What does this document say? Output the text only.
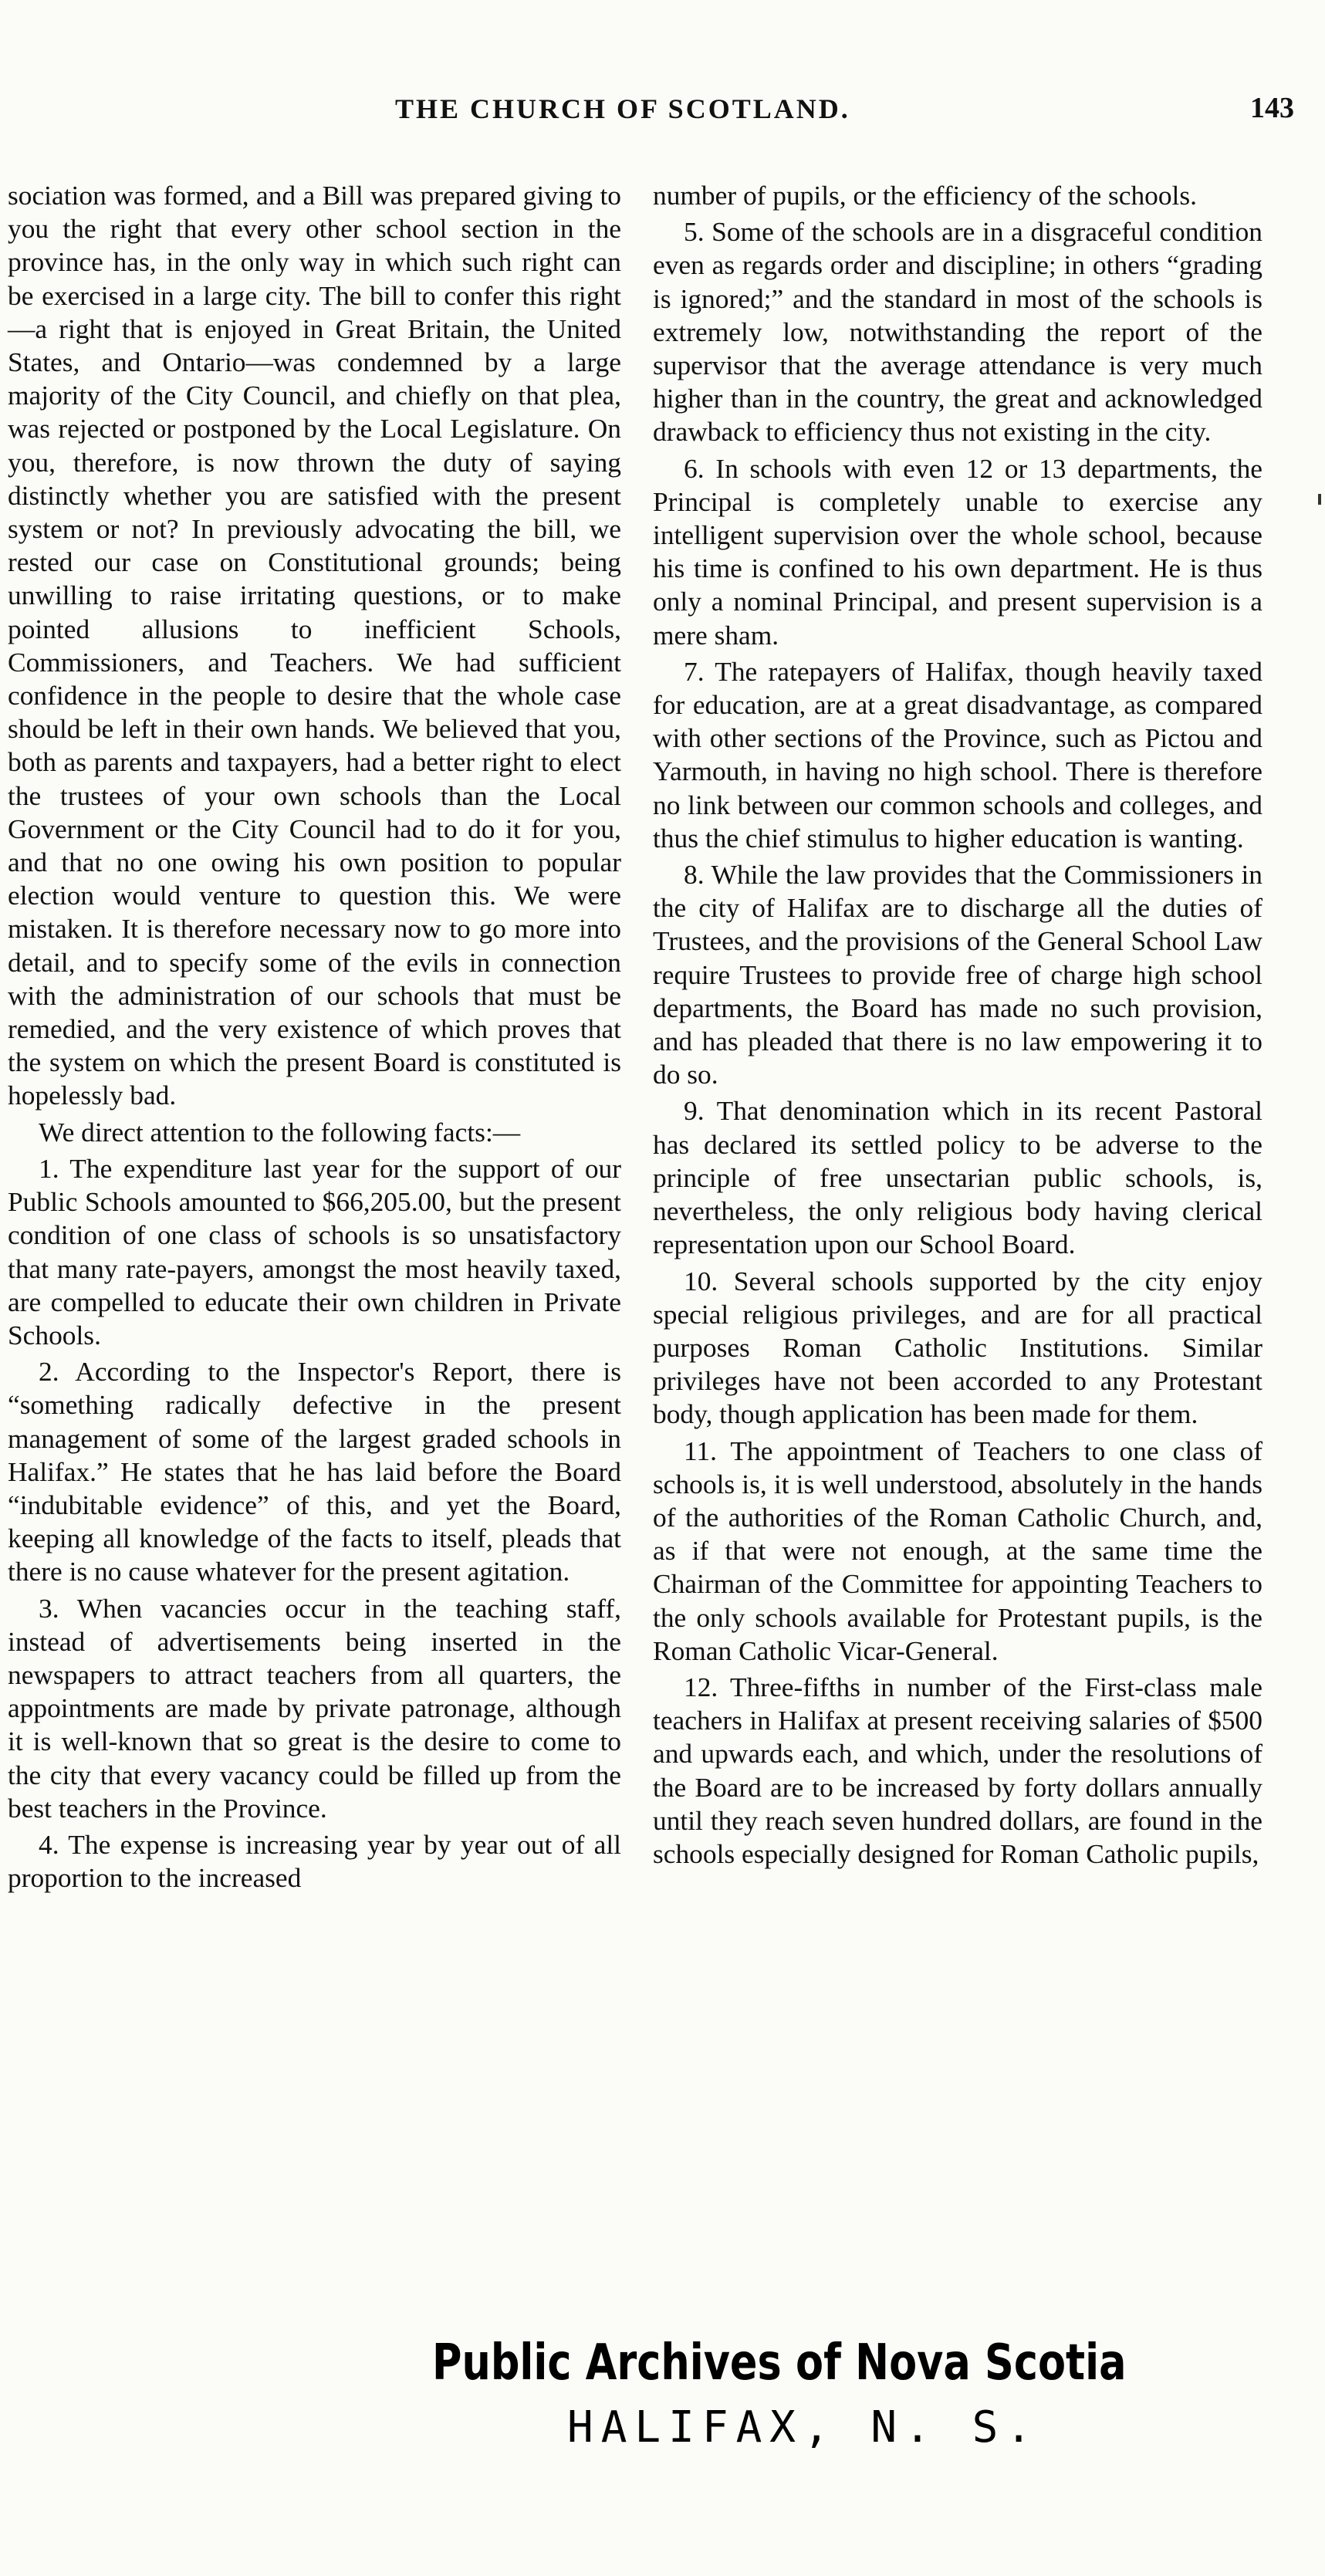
THE CHURCH OF SCOTLAND.	143

sociation was formed, and a Bill was prepared giving to you the right that every other school section in the province has, in the only way in which such right can be exercised in a large city. The bill to confer this right—a right that is enjoyed in Great Britain, the United States, and Ontario—was condemned by a large majority of the City Council, and chiefly on that plea, was rejected or postponed by the Local Legislature. On you, therefore, is now thrown the duty of saying distinctly whether you are satisfied with the present system or not? In previously advocating the bill, we rested our case on Constitutional grounds; being unwilling to raise irritating questions, or to make pointed allusions to inefficient Schools, Commissioners, and Teachers. We had sufficient confidence in the people to desire that the whole case should be left in their own hands. We believed that you, both as parents and taxpayers, had a better right to elect the trustees of your own schools than the Local Government or the City Council had to do it for you, and that no one owing his own position to popular election would venture to question this. We were mistaken. It is therefore necessary now to go more into detail, and to specify some of the evils in connection with the administration of our schools that must be remedied, and the very existence of which proves that the system on which the present Board is constituted is hopelessly bad.

We direct attention to the following facts:—

1. The expenditure last year for the support of our Public Schools amounted to $66,205.00, but the present condition of one class of schools is so unsatisfactory that many rate-payers, amongst the most heavily taxed, are compelled to educate their own children in Private Schools.

2. According to the Inspector's Report, there is “something radically defective in the present management of some of the largest graded schools in Halifax.” He states that he has laid before the Board “indubitable evidence” of this, and yet the Board, keeping all knowledge of the facts to itself, pleads that there is no cause whatever for the present agitation.

3. When vacancies occur in the teaching staff, instead of advertisements being inserted in the newspapers to attract teachers from all quarters, the appointments are made by private patronage, although it is well-known that so great is the desire to come to the city that every vacancy could be filled up from the best teachers in the Province.

4. The expense is increasing year by year out of all proportion to the increased

number of pupils, or the efficiency of the schools.

5. Some of the schools are in a disgraceful condition even as regards order and discipline; in others “grading is ignored;” and the standard in most of the schools is extremely low, notwithstanding the report of the supervisor that the average attendance is very much higher than in the country, the great and acknowledged drawback to efficiency thus not existing in the city.

6. In schools with even 12 or 13 departments, the Principal is completely unable to exercise any intelligent supervision over the whole school, because his time is confined to his own department. He is thus only a nominal Principal, and present supervision is a mere sham.

7. The ratepayers of Halifax, though heavily taxed for education, are at a great disadvantage, as compared with other sections of the Province, such as Pictou and Yarmouth, in having no high school. There is therefore no link between our common schools and colleges, and thus the chief stimulus to higher education is wanting.

8. While the law provides that the Commissioners in the city of Halifax are to discharge all the duties of Trustees, and the provisions of the General School Law require Trustees to provide free of charge high school departments, the Board has made no such provision, and has pleaded that there is no law empowering it to do so.

9. That denomination which in its recent Pastoral has declared its settled policy to be adverse to the principle of free unsectarian public schools, is, nevertheless, the only religious body having clerical representation upon our School Board.

10. Several schools supported by the city enjoy special religious privileges, and are for all practical purposes Roman Catholic Institutions. Similar privileges have not been accorded to any Protestant body, though application has been made for them.

11. The appointment of Teachers to one class of schools is, it is well understood, absolutely in the hands of the authorities of the Roman Catholic Church, and, as if that were not enough, at the same time the Chairman of the Committee for appointing Teachers to the only schools available for Protestant pupils, is the Roman Catholic Vicar-General.

12. Three-fifths in number of the First-class male teachers in Halifax at present receiving salaries of $500 and upwards each, and which, under the resolutions of the Board are to be increased by forty dollars annually until they reach seven hundred dollars, are found in the schools especially designed for Roman Catholic pupils,

Public Archives of Nova Scotia
HALIFAX, N. S.
